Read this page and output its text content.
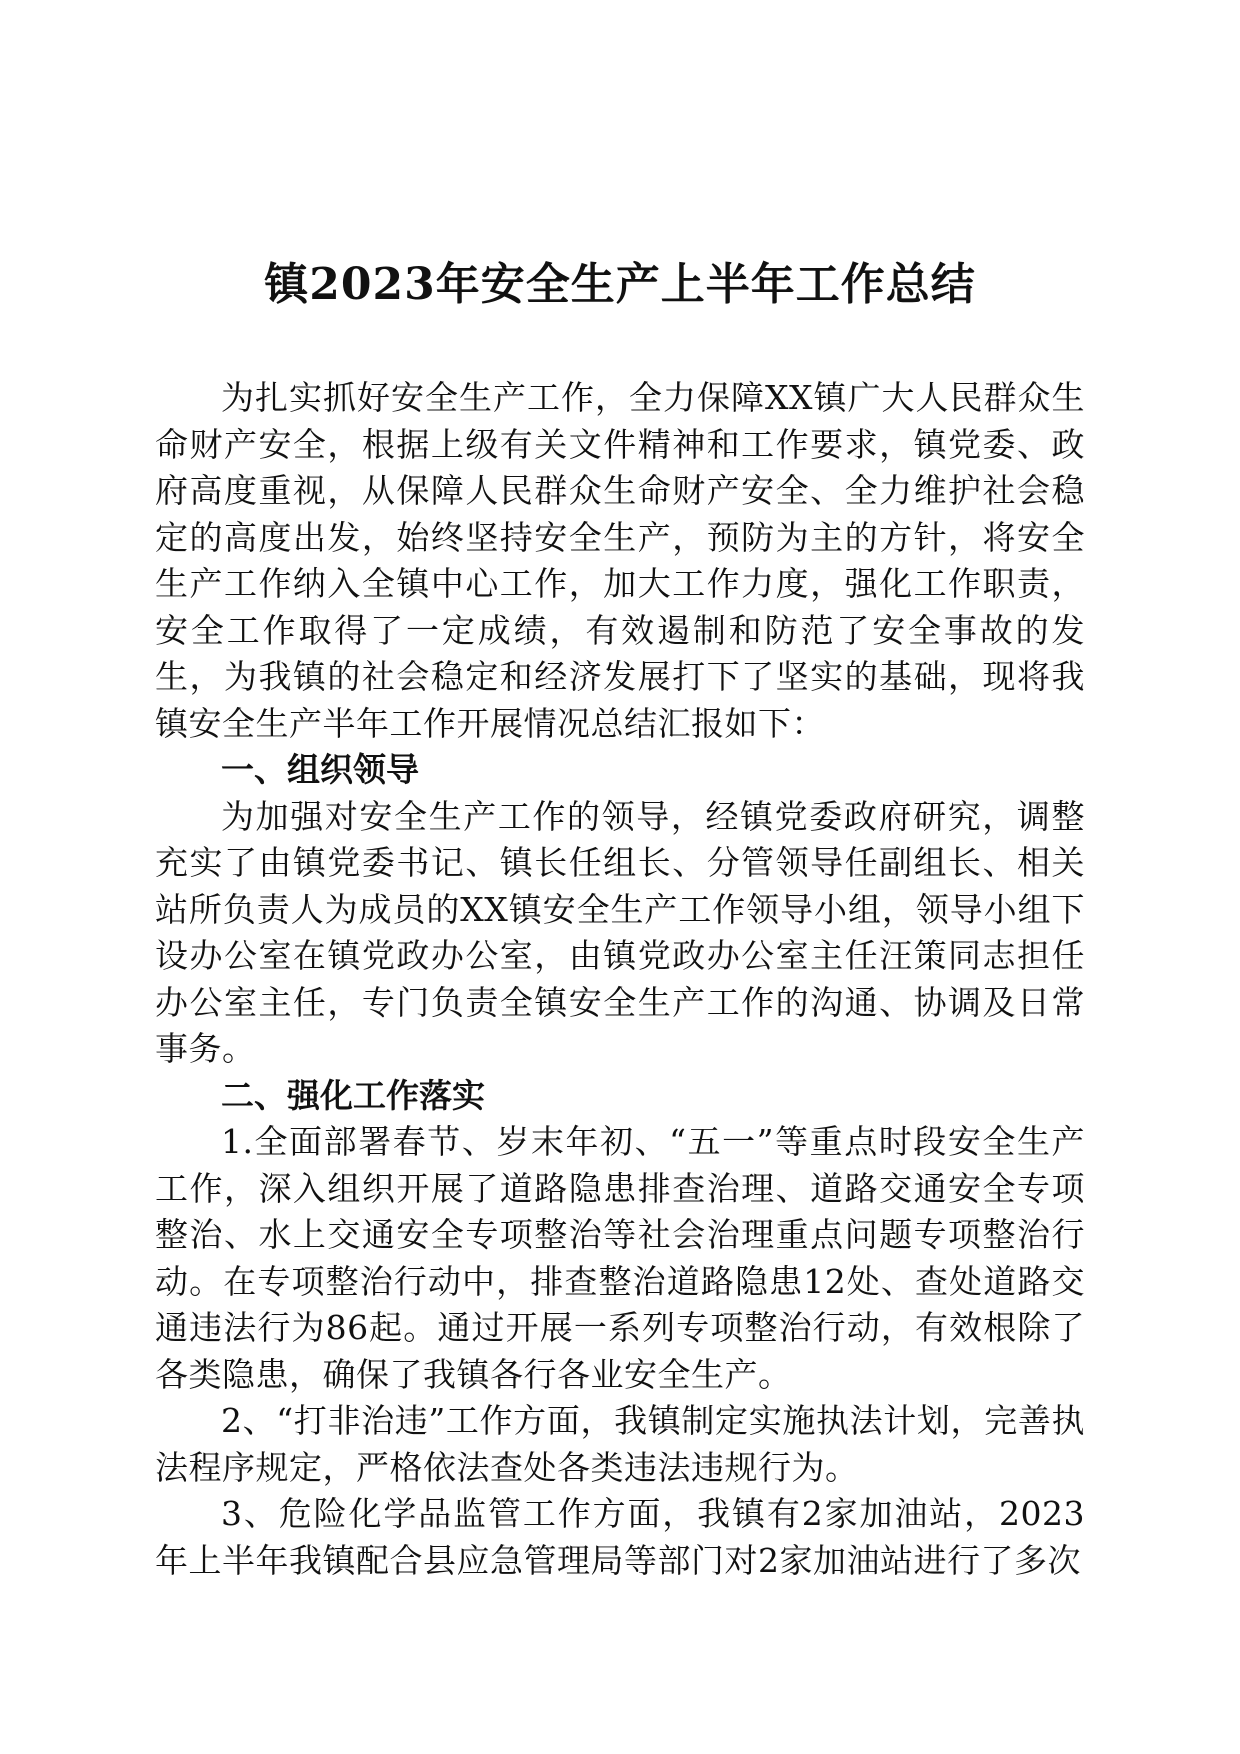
镇2023年安全生产上半年工作总结

为扎实抓好安全生产工作，全力保障XX镇广大人民群众生命财产安全，根据上级有关文件精神和工作要求，镇党委、政府高度重视，从保障人民群众生命财产安全、全力维护社会稳定的高度出发，始终坚持安全生产，预防为主的方针，将安全生产工作纳入全镇中心工作，加大工作力度，强化工作职责，安全工作取得了一定成绩，有效遏制和防范了安全事故的发生，为我镇的社会稳定和经济发展打下了坚实的基础，现将我镇安全生产半年工作开展情况总结汇报如下：

一、组织领导

为加强对安全生产工作的领导，经镇党委政府研究，调整充实了由镇党委书记、镇长任组长、分管领导任副组长、相关站所负责人为成员的XX镇安全生产工作领导小组，领导小组下设办公室在镇党政办公室，由镇党政办公室主任汪策同志担任办公室主任，专门负责全镇安全生产工作的沟通、协调及日常事务。

二、强化工作落实

1.全面部署春节、岁末年初、“五一”等重点时段安全生产工作，深入组织开展了道路隐患排查治理、道路交通安全专项整治、水上交通安全专项整治等社会治理重点问题专项整治行动。在专项整治行动中，排查整治道路隐患12处、查处道路交通违法行为86起。通过开展一系列专项整治行动，有效根除了各类隐患，确保了我镇各行各业安全生产。

2、“打非治违”工作方面，我镇制定实施执法计划，完善执法程序规定，严格依法查处各类违法违规行为。

3、危险化学品监管工作方面，我镇有2家加油站，2023年上半年我镇配合县应急管理局等部门对2家加油站进行了多次
